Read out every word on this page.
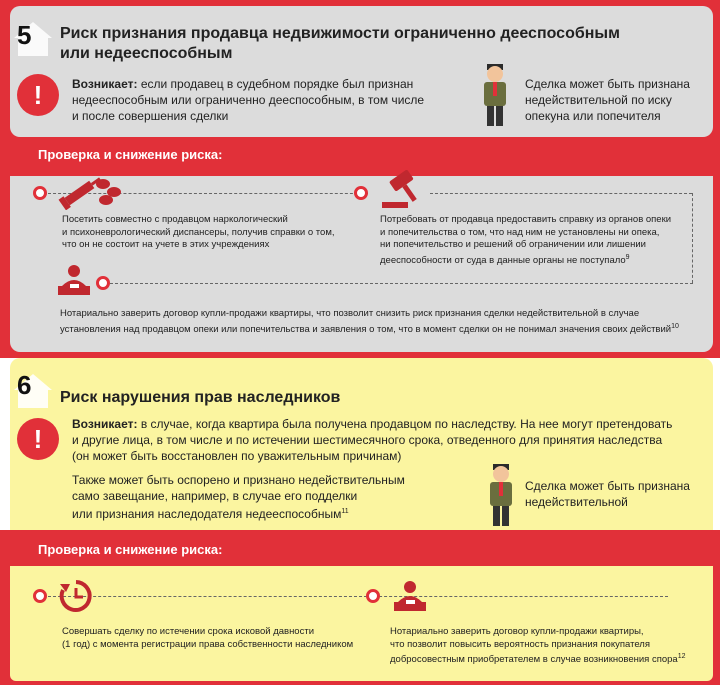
5 Риск признания продавца недвижимости ограниченно дееспособным
или недееспособным
!	Возникает: если продавец в судебном порядке был признан
недееспособным или ограниченно дееспособным, в том числе
и после совершения сделки
Сделка может быть признана
недействительной по иску
опекуна или попечителя
Проверка и снижение риска:
Посетить совместно с продавцом наркологический
и психоневрологический диспансеры, получив справки о том,
что он не состоит на учете в этих учреждениях
Потребовать от продавца предоставить справку из органов опеки
и попечительства о том, что над ним не установлены ни опека,
ни попечительство и решений об ограничении или лишении
дееспособности от суда в данные органы не поступало$^9$
Нотариально заверить договор купли-продажи квартиры, что позволит снизить риск признания сделки недействительной в случае
установления над продавцом опеки или попечительства и заявления о том, что в момент сделки он не понимал значения своих действий$^{10}$
6 Риск нарушения прав наследников
!	Возникает: в случае, когда квартира была получена продавцом по наследству. На нее могут претендовать
и другие лица, в том числе и по истечении шестимесячного срока, отведенного для принятия наследства
(он может быть восстановлен по уважительным причинам)
Также может быть оспорено и признано недействительным
само завещание, например, в случае его подделки
или признания наследодателя недееспособным$^{11}$
Сделка может быть признана
недействительной
Проверка и снижение риска:
Совершать сделку по истечении срока исковой давности
(1 год) с момента регистрации права собственности наследником
Нотариально заверить договор купли-продажи квартиры,
что позволит повысить вероятность признания покупателя
добросовестным приобретателем в случае возникновения спора$^{12}$
